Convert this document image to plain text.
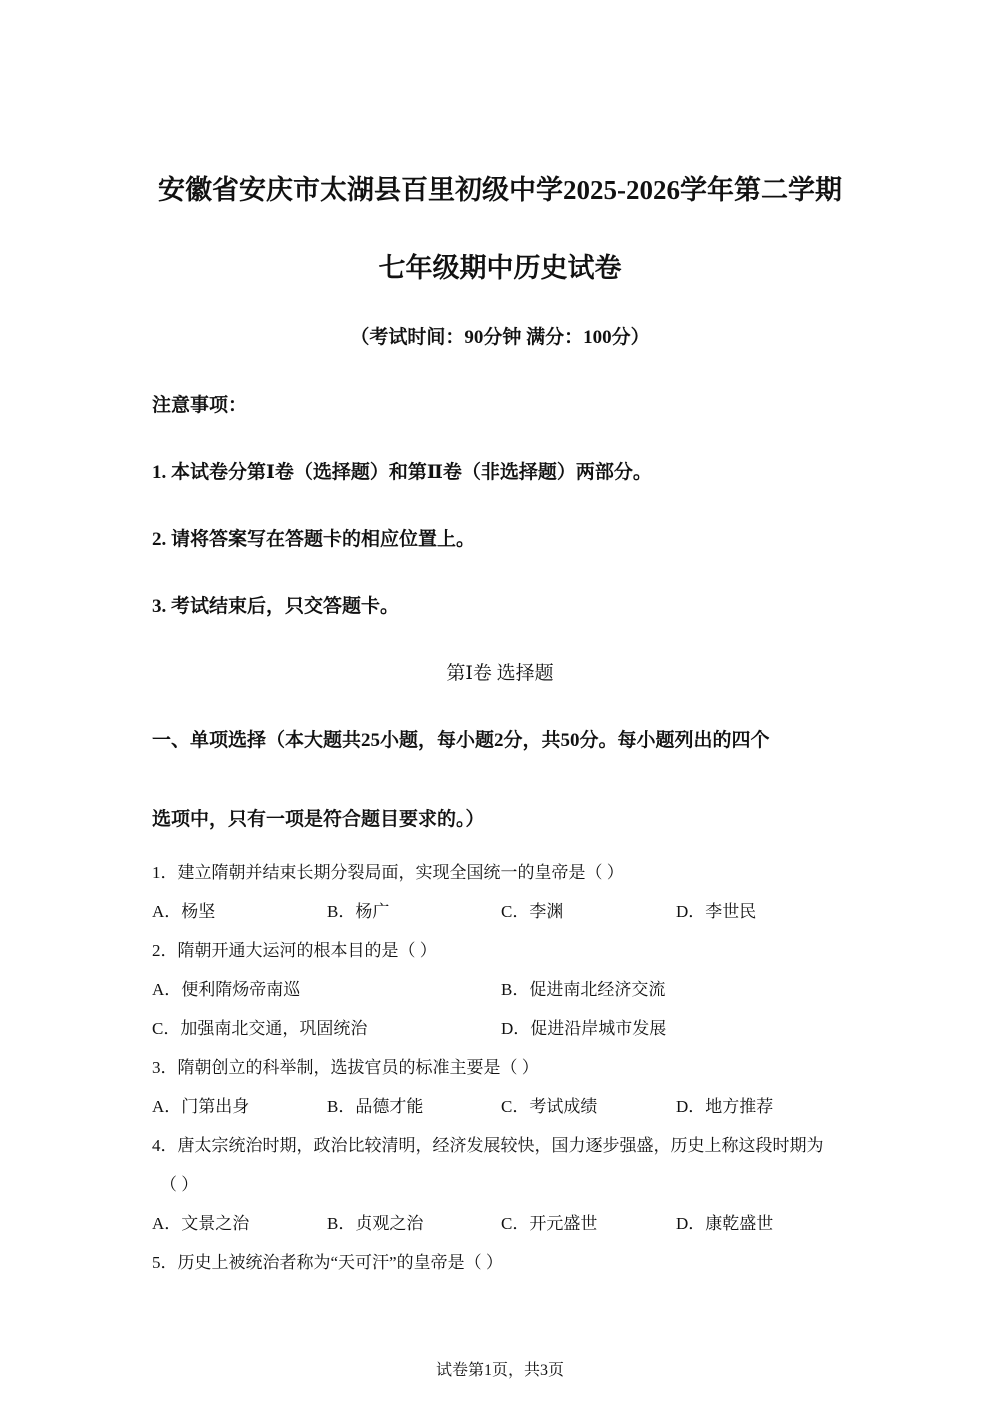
安徽省安庆市太湖县百里初级中学2025-2026学年第二学期
七年级期中历史试卷
（考试时间：90分钟 满分：100分）
注意事项：
1. 本试卷分第Ⅰ卷（选择题）和第Ⅱ卷（非选择题）两部分。
2. 请将答案写在答题卡的相应位置上。
3. 考试结束后，只交答题卡。
第Ⅰ卷 选择题
一、单项选择（本大题共25小题，每小题2分，共50分。每小题列出的四个
选项中，只有一项是符合题目要求的。）
1．建立隋朝并结束长期分裂局面，实现全国统一的皇帝是（ ）
A．杨坚	B．杨广	C．李渊	D．李世民
2．隋朝开通大运河的根本目的是（ ）
A．便利隋炀帝南巡	B．促进南北经济交流
C．加强南北交通，巩固统治	D．促进沿岸城市发展
3．隋朝创立的科举制，选拔官员的标准主要是（ ）
A．门第出身	B．品德才能	C．考试成绩	D．地方推荐
4．唐太宗统治时期，政治比较清明，经济发展较快，国力逐步强盛，历史上称这段时期为
（ ）
A．文景之治	B．贞观之治	C．开元盛世	D．康乾盛世
5．历史上被统治者称为“天可汗”的皇帝是（ ）
试卷第1页，共3页
